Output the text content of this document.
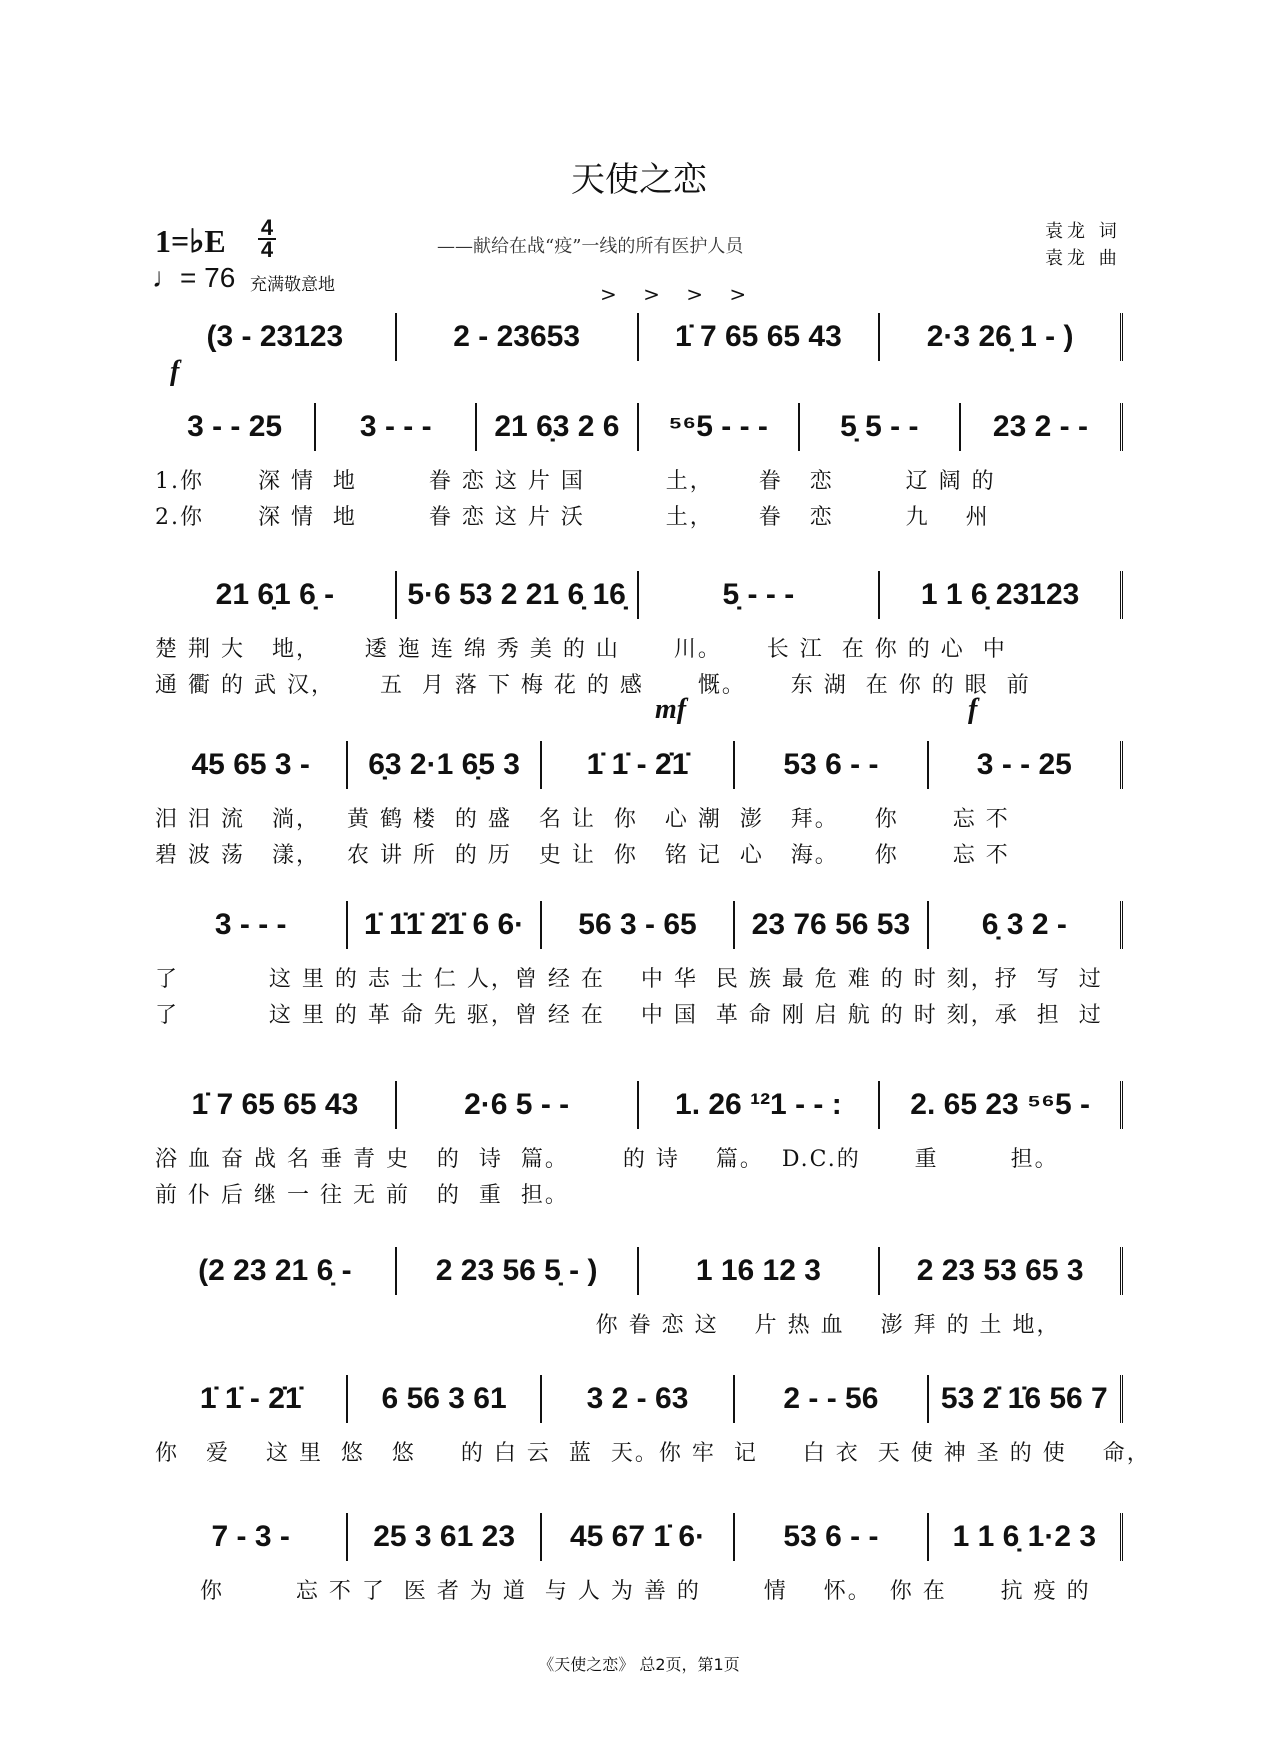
天使之恋
1=♭E 4
4
♩= 76 充满敬意地
——献给在战“疫”一线的所有医护人员
袁龙 词
袁龙 曲
(3 - 23123	2 - 23653	1̇ 7 65 65 43	2·3 26̣ 1 - )
> > > >
3 - - 25	3 - - -	21 6̣3 2 6	⁵⁶5 - - -	5̣ 5 - -	23 2 - -
1.你      深 情  地        眷 恋 这 片 国         土，     眷   恋        辽 阔 的
2.你      深 情  地        眷 恋 这 片 沃         土，     眷   恋        九    州
f
21 6̣1 6̣ -	5·6 53 2 21 6̣ 16̣	5̣ - - -	1 1 6̣ 23123
楚 荆 大   地，     逶 迤 连 绵 秀 美 的 山      川。     长 江  在 你 的 心  中
通 衢 的 武 汉，     五  月 落 下 梅 花 的 感      慨。     东 湖  在 你 的 眼  前
45 65 3 -	6̣3 2·1 6̣5 3	1̇ 1̇ - 2̇1̇	53 6 - -	3 - - 25
汨 汨 流   淌，   黄 鹤 楼  的 盛   名 让  你   心 潮  澎   拜。    你      忘 不
碧 波 荡   漾，   农 讲 所  的 历   史 让  你   铭 记  心   海。    你      忘 不
mf	f
3 - - -	1̇ 1̇1̇ 2̇1̇ 6 6·	56 3 - 65	23 76 56 53	6̣ 3 2 -
了          这 里 的 志 士 仁 人，曾 经 在    中 华  民 族 最 危 难 的 时 刻，抒  写  过
了          这 里 的 革 命 先 驱，曾 经 在    中 国  革 命 刚 启 航 的 时 刻，承  担  过
1̇ 7 65 65 43	2·6 5 - -	1. 26 ¹²1 - - :	2. 65 23 ⁵⁶5 -
浴 血 奋 战 名 垂 青 史   的  诗  篇。      的 诗    篇。  D.C.的      重        担。
前 仆 后 继 一 往 无 前   的  重  担。
(2 23 21 6̣ -	2 23 56 5̣ - )	1 16 12 3	2 23 53 65 3
你 眷 恋 这    片 热 血    澎 拜 的 土 地，
1̇ 1̇ - 2̇1̇	6 56 3 61	3 2 - 63	2 - - 56	53 2̇ 1̇6 56 7
你   爱    这 里  悠   悠     的 白 云  蓝  天。你 牢  记     白 衣  天 使 神 圣 的 使    命，
7 - 3 -	25 3 61 23	45 67 1̇ 6·	53 6 - -	1 1 6̣ 1·2 3
你        忘 不 了  医 者 为 道  与 人 为 善 的       情    怀。  你 在      抗 疫 的
《天使之恋》 总2页，第1页
